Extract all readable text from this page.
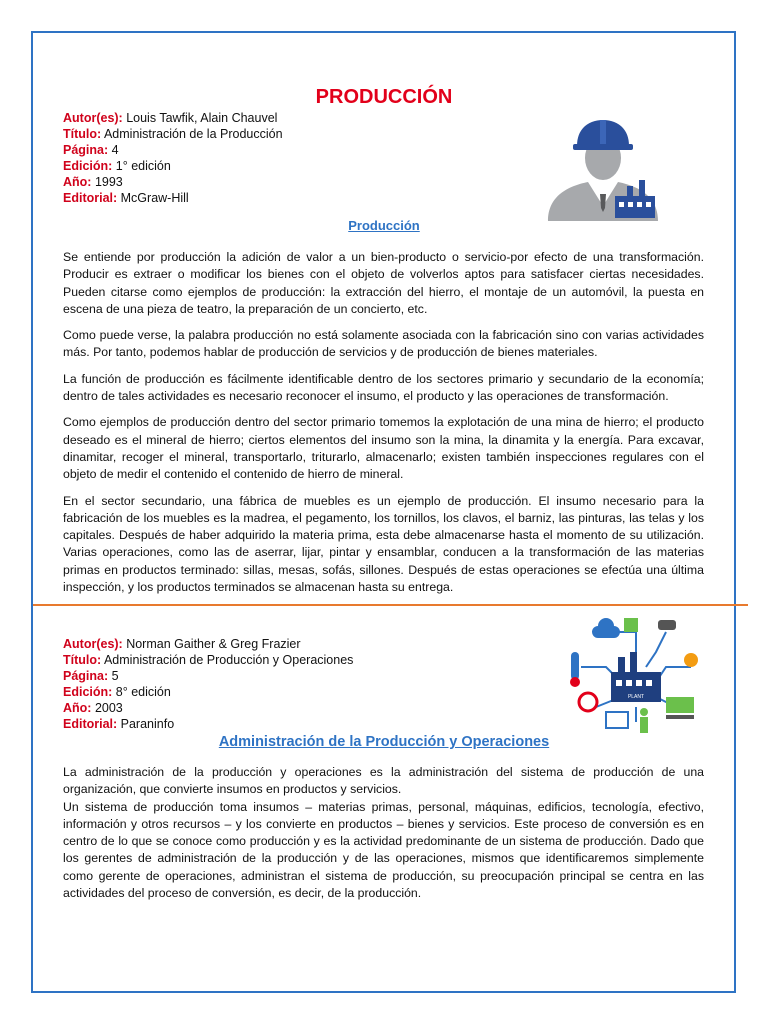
PRODUCCIÓN
Autor(es): Louis Tawfik, Alain Chauvel
Título: Administración de la Producción
Página: 4
Edición: 1° edición
Año: 1993
Editorial: McGraw-Hill
Producción

Se entiende por producción la adición de valor a un bien-producto o servicio-por efecto de una transformación. Producir es extraer o modificar los bienes con el objeto de volverlos aptos para satisfacer ciertas necesidades. Pueden citarse como ejemplos de producción: la extracción del hierro, el montaje de un automóvil, la puesta en escena de una pieza de teatro, la preparación de un concierto, etc.

Como puede verse, la palabra producción no está solamente asociada con la fabricación sino con varias actividades más. Por tanto, podemos hablar de producción de servicios y de producción de bienes materiales.

La función de producción es fácilmente identificable dentro de los sectores primario y secundario de la economía; dentro de tales actividades es necesario reconocer el insumo, el producto y las operaciones de transformación.

Como ejemplos de producción dentro del sector primario tomemos la explotación de una mina de hierro; el producto deseado es el mineral de hierro; ciertos elementos del insumo son la mina, la dinamita y la energía. Para excavar, dinamitar, recoger el mineral, transportarlo, triturarlo, almacenarlo; existen también inspecciones regulares con el objeto de medir el contenido el contenido de hierro de mineral.

En el sector secundario, una fábrica de muebles es un ejemplo de producción. El insumo necesario para la fabricación de los muebles es la madrea, el pegamento, los tornillos, los clavos, el barniz, las pinturas, las telas y los capitales. Después de haber adquirido la materia prima, esta debe almacenarse hasta el momento de su utilización. Varias operaciones, como las de aserrar, lijar, pintar y ensamblar, conducen a la transformación de las materias primas en productos terminado: sillas, mesas, sofás, sillones. Después de estas operaciones se efectúa una última inspección, y los productos terminados se almacenan hasta su entrega.

Autor(es): Norman Gaither & Greg Frazier
Título: Administración de Producción y Operaciones
Página: 5
Edición: 8° edición
Año: 2003
Editorial: Paraninfo
PLANT
Administración de la Producción y Operaciones

La administración de la producción y operaciones es la administración del sistema de producción de una organización, que convierte insumos en productos y servicios.

Un sistema de producción toma insumos – materias primas, personal, máquinas, edificios, tecnología, efectivo, información y otros recursos – y los convierte en productos – bienes y servicios. Este proceso de conversión es en centro de lo que se conoce como producción y es la actividad predominante de un sistema de producción. Dado que los gerentes de administración de la producción y de las operaciones, mismos que identificaremos simplemente como gerente de operaciones, administran el sistema de producción, su preocupación principal se centra en las actividades del proceso de conversión, es decir, de la producción.
